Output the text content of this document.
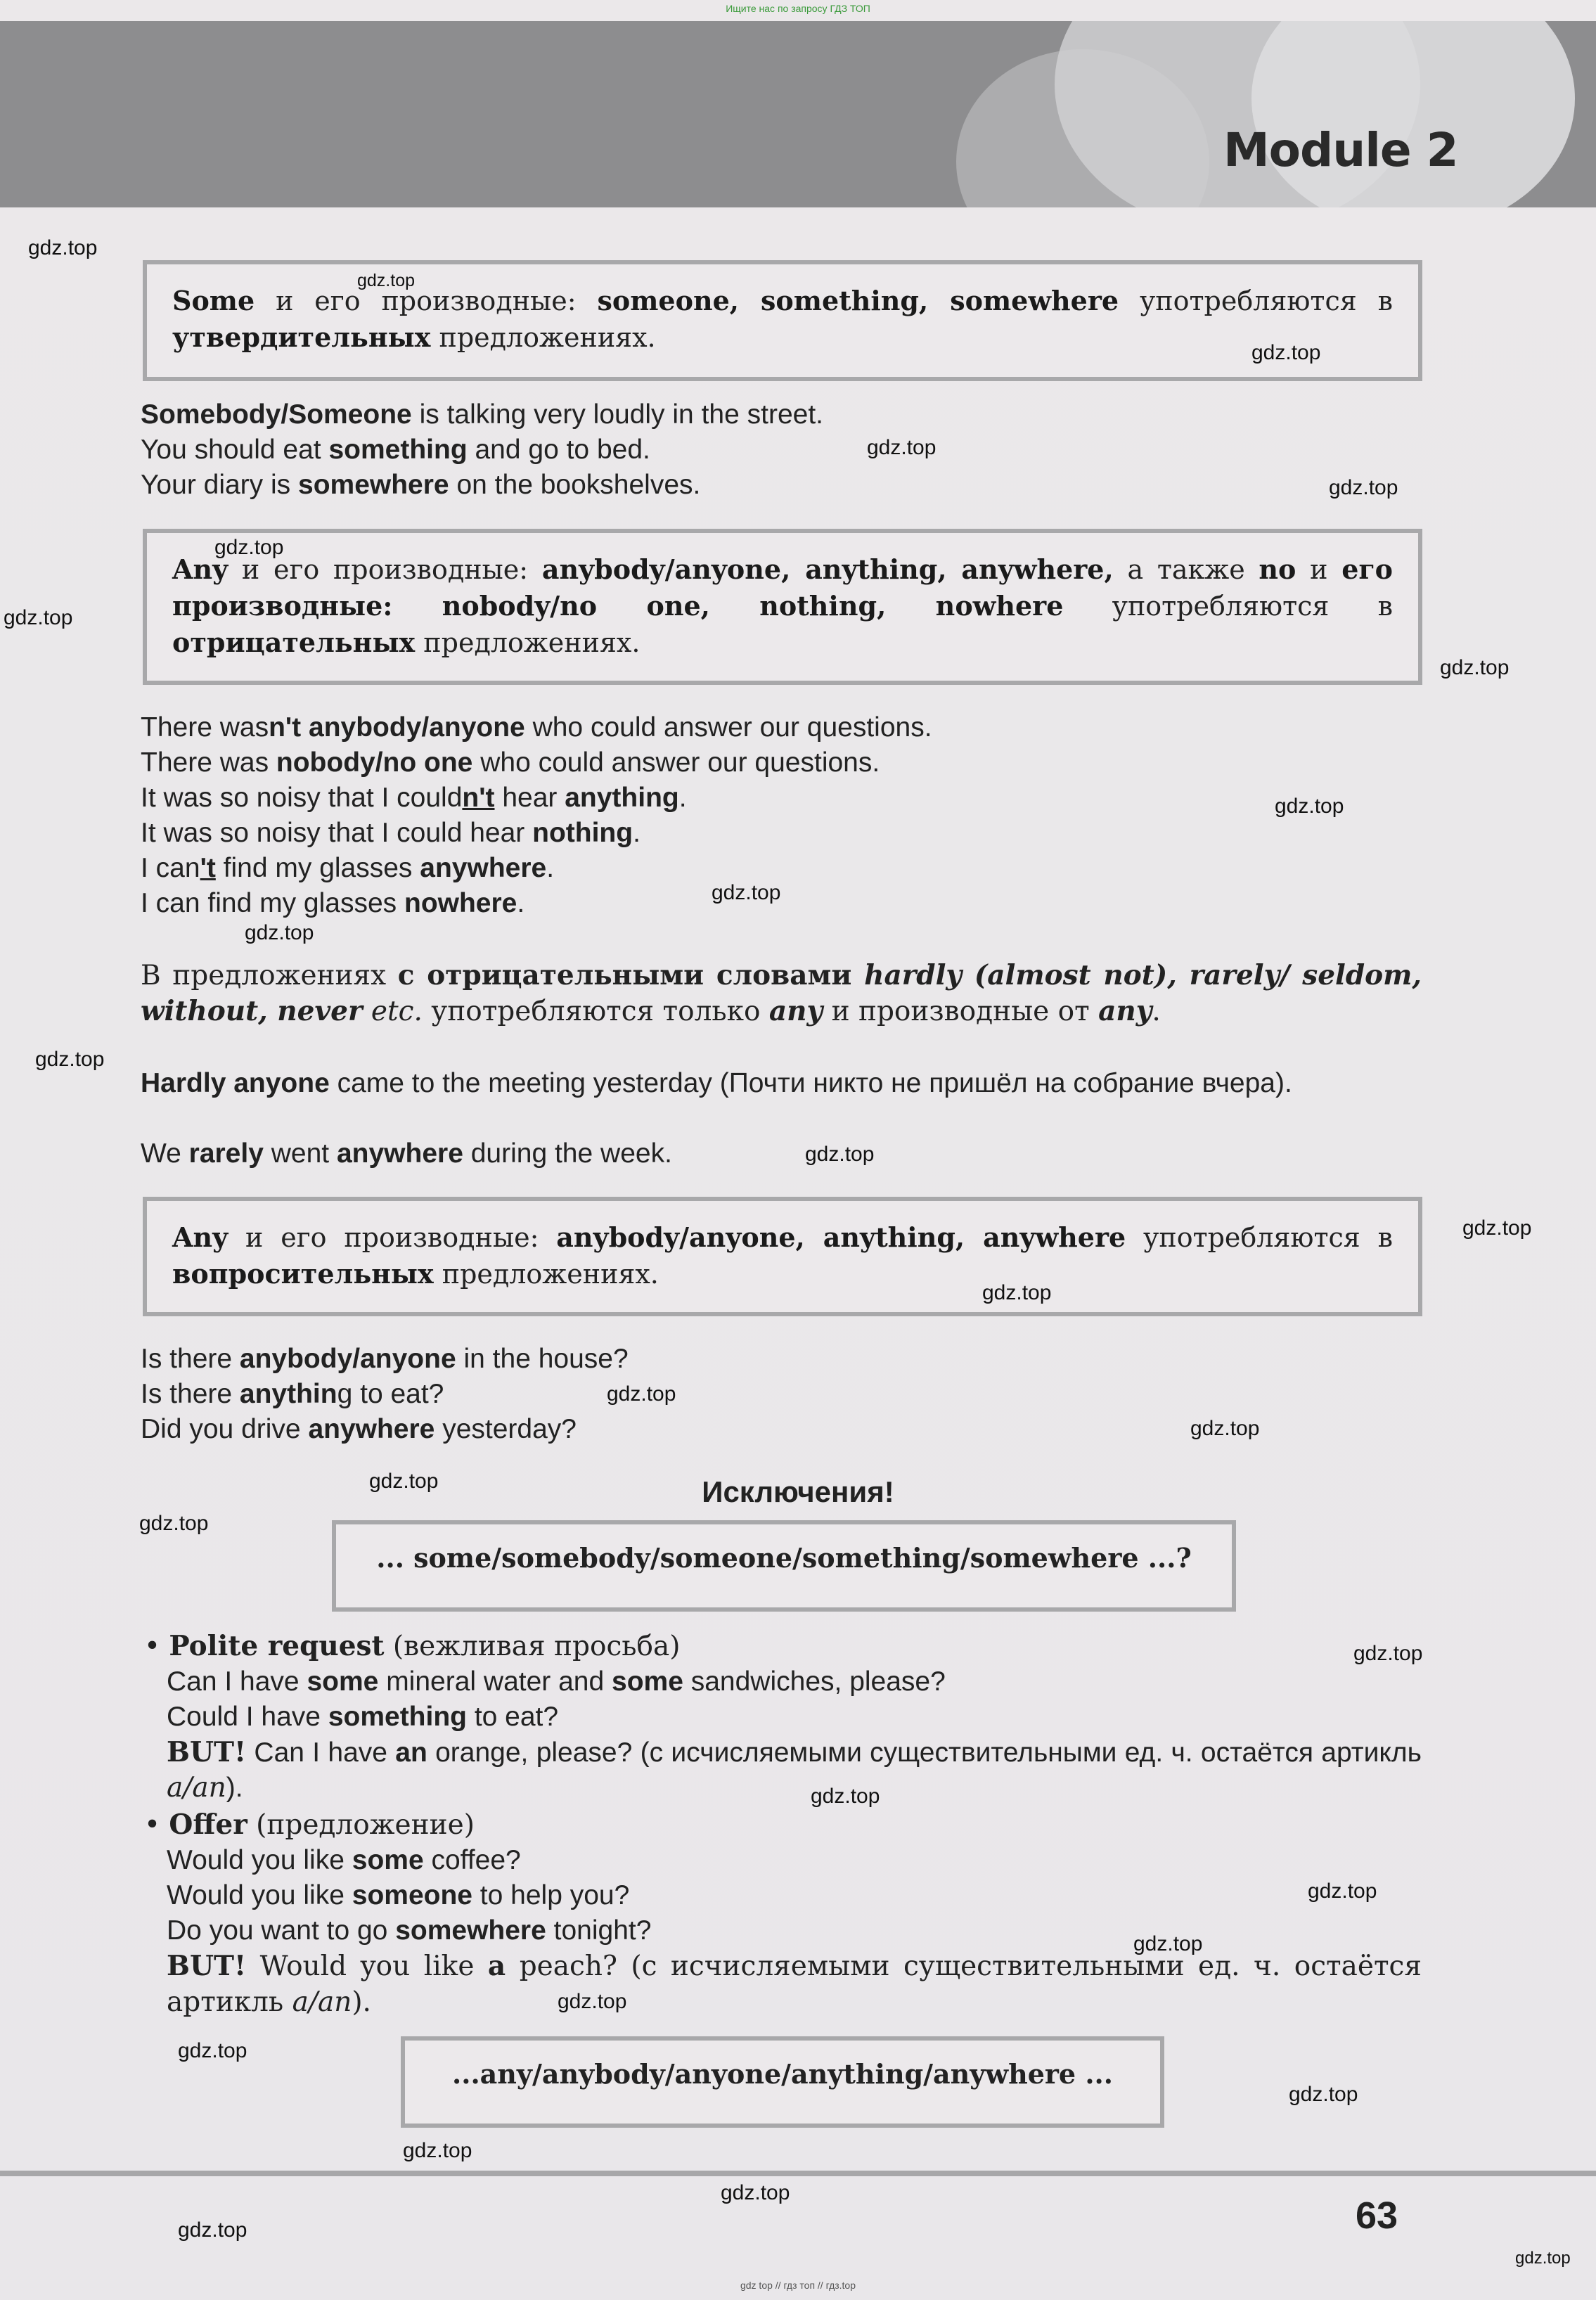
Ищите нас по запросу ГДЗ ТОП
Module 2
Some и его производные: someone, something, somewhere употребляются в утвердительных предложениях.
Somebody/Someone is talking very loudly in the street.
You should eat something and go to bed.
Your diary is somewhere on the bookshelves.
Any и его производные: anybody/anyone, anything, anywhere, а также no и его производные: nobody/no one, nothing, nowhere употребляются в отрицательных предложениях.
There wasn't anybody/anyone who could answer our questions.
There was nobody/no one who could answer our questions.
It was so noisy that I couldn't hear anything.
It was so noisy that I could hear nothing.
I can't find my glasses anywhere.
I can find my glasses nowhere.
В предложениях с отрицательными словами hardly (almost not), rarely/ seldom, without, never etc. употребляются только any и производные от any.
Hardly anyone came to the meeting yesterday (Почти никто не пришёл на собрание вчера).
We rarely went anywhere during the week.
Any и его производные: anybody/anyone, anything, anywhere употребляются в вопросительных предложениях.
Is there anybody/anyone in the house?
Is there anything to eat?
Did you drive anywhere yesterday?
Исключения!
... some/somebody/someone/something/somewhere ...?
• Polite request (вежливая просьба)
Can I have some mineral water and some sandwiches, please?
Could I have something to eat?
BUT! Can I have an orange, please? (с исчисляемыми существительными ед. ч. остаётся артикль a/an).
• Offer (предложение)
Would you like some coffee?
Would you like someone to help you?
Do you want to go somewhere tonight?
BUT! Would you like a peach? (с исчисляемыми существительными ед. ч. остаётся артикль a/an).
...any/anybody/anyone/anything/anywhere ...
63
gdz top // гдз топ // гдз.top
gdz.top
gdz.top
gdz.top
gdz.top
gdz.top
gdz.top
gdz.top
gdz.top
gdz.top
gdz.top
gdz.top
gdz.top
gdz.top
gdz.top
gdz.top
gdz.top
gdz.top
gdz.top
gdz.top
gdz.top
gdz.top
gdz.top
gdz.top
gdz.top
gdz.top
gdz.top
gdz.top
gdz.top
gdz.top
gdz.top
